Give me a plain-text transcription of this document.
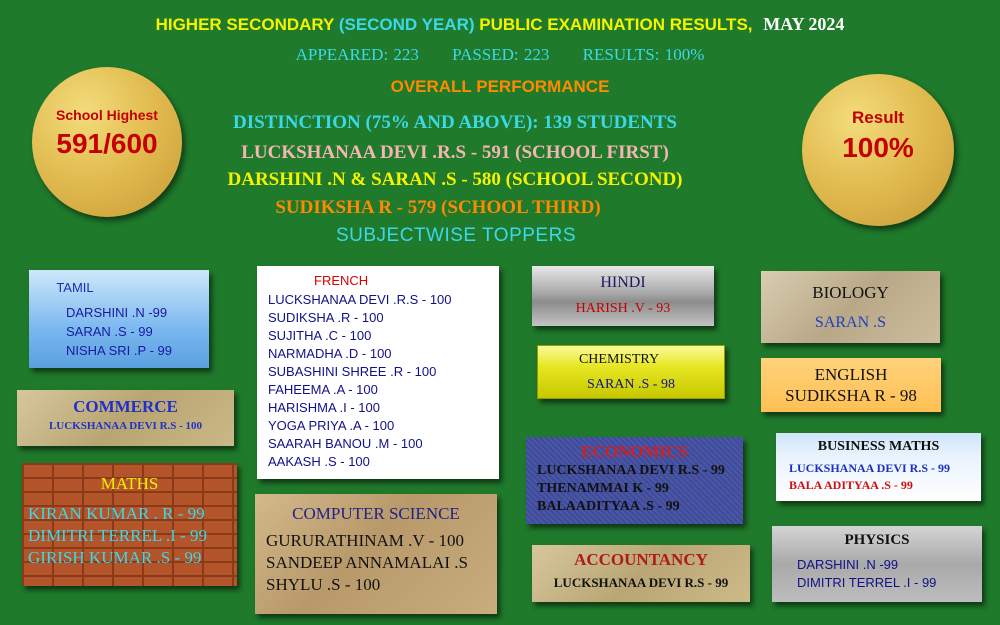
HIGHER SECONDARY (SECOND YEAR) PUBLIC EXAMINATION RESULTS, MAY 2024
APPEARED: 223 PASSED: 223 RESULTS: 100%
OVERALL PERFORMANCE
DISTINCTION (75% AND ABOVE): 139 STUDENTS
LUCKSHANAA DEVI .R.S - 591 (SCHOOL FIRST)
DARSHINI .N & SARAN .S - 580 (SCHOOL SECOND)
SUDIKSHA R - 579 (SCHOOL THIRD)
SUBJECTWISE TOPPERS
School Highest
591/600
Result
100%
TAMIL
DARSHINI .N -99
SARAN .S - 99
NISHA SRI .P - 99
FRENCH
LUCKSHANAA DEVI .R.S - 100
SUDIKSHA .R - 100
SUJITHA .C - 100
NARMADHA .D - 100
SUBASHINI SHREE .R - 100
FAHEEMA .A - 100
HARISHMA .I - 100
YOGA PRIYA .A - 100
SAARAH BANOU .M - 100
AAKASH .S - 100
HINDI
HARISH .V - 93
BIOLOGY
SARAN .S
CHEMISTRY
SARAN .S - 98
ENGLISH
SUDIKSHA R - 98
COMMERCE
LUCKSHANAA DEVI R.S - 100
ECONOMICS
LUCKSHANAA DEVI R.S - 99
THENAMMAI K - 99
BALAADITYAA .S - 99
BUSINESS MATHS
LUCKSHANAA DEVI R.S - 99
BALA ADITYAA .S - 99
MATHS
KIRAN KUMAR . R - 99
DIMITRI TERREL .I - 99
GIRISH KUMAR .S - 99
COMPUTER SCIENCE
GURURATHINAM .V - 100
SANDEEP ANNAMALAI .S
SHYLU .S - 100
ACCOUNTANCY
LUCKSHANAA DEVI R.S - 99
PHYSICS
DARSHINI .N -99
DIMITRI TERREL .I - 99
